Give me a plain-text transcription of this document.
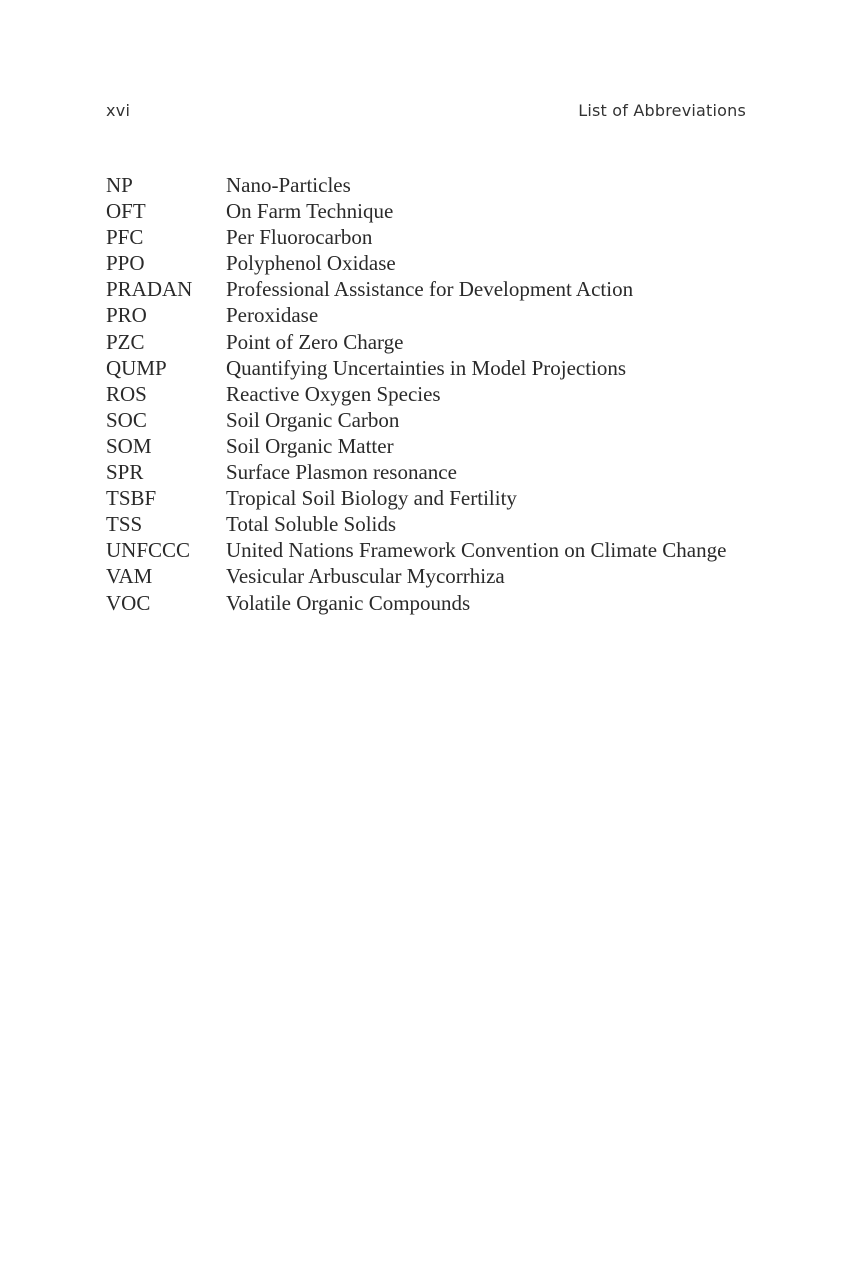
xvi	List of Abbreviations
NP	Nano-Particles
OFT	On Farm Technique
PFC	Per Fluorocarbon
PPO	Polyphenol Oxidase
PRADAN	Professional Assistance for Development Action
PRO	Peroxidase
PZC	Point of Zero Charge
QUMP	Quantifying Uncertainties in Model Projections
ROS	Reactive Oxygen Species
SOC	Soil Organic Carbon
SOM	Soil Organic Matter
SPR	Surface Plasmon resonance
TSBF	Tropical Soil Biology and Fertility
TSS	Total Soluble Solids
UNFCCC	United Nations Framework Convention on Climate Change
VAM	Vesicular Arbuscular Mycorrhiza
VOC	Volatile Organic Compounds
